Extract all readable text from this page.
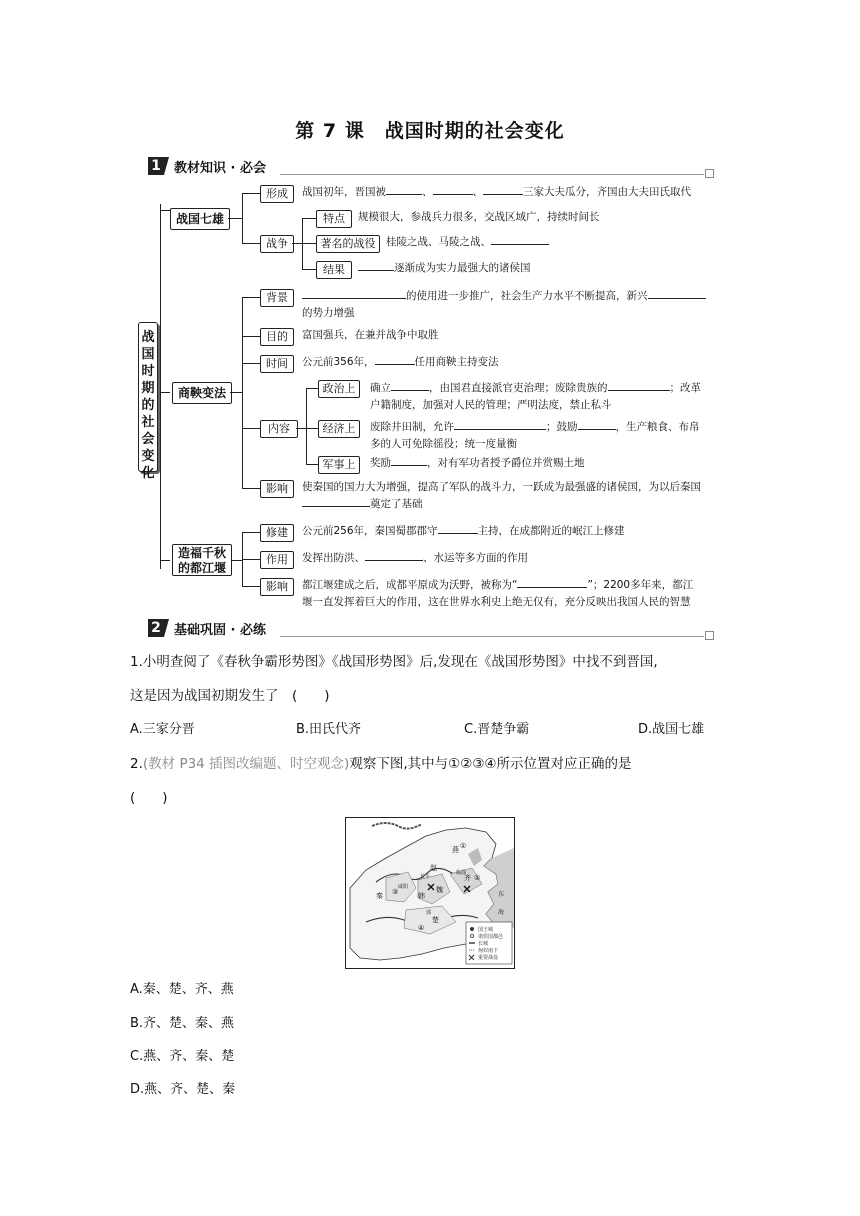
第 7 课　战国时期的社会变化
1 教材知识 · 必会
战国时期的社会变化
战国七雄
形成	战国初年，晋国被	、	、	三家大夫瓜分，齐国由大夫田氏取代
战争
特点	规模很大，参战兵力很多，交战区域广，持续时间长
著名的战役	桂陵之战、马陵之战、
结果	逐渐成为实力最强大的诸侯国
商鞅变法
背景	的使用进一步推广，社会生产力水平不断提高，新兴
的势力增强
目的	富国强兵，在兼并战争中取胜
时间	公元前356年，	任用商鞅主持变法
内容
政治上	确立	，由国君直接派官吏治理；废除贵族的	；改革
户籍制度，加强对人民的管理；严明法度，禁止私斗
经济上	废除井田制，允许	；鼓励	，生产粮食、布帛
多的人可免除徭役；统一度量衡
军事上	奖励	，对有军功者授予爵位并赏赐土地
影响	使秦国的国力大为增强，提高了军队的战斗力，一跃成为最强盛的诸侯国，为以后秦国
奠定了基础
造福千秋
的都江堰
修建	公元前256年，秦国蜀郡郡守	主持，在成都附近的岷江上修建
作用	发挥出防洪、	、水运等多方面的作用
影响	都江堰建成之后，成都平原成为沃野，被称为“	”；2200多年来，都江
堰一直发挥着巨大的作用，这在世界水利史上绝无仅有，充分反映出我国人民的智慧
2 基础巩固 · 必练
1.小明查阅了《春秋争霸形势图》《战国形势图》后,发现在《战国形势图》中找不到晋国,
这是因为战国初期发生了　(　　)
A.三家分晋	B.田氏代齐	C.晋楚争霸	D.战国七雄
2.(教材 P34 插图改编题、时空观念)观察下图,其中与①②③④所示位置对应正确的是
(　　)
国王城
诸侯国都邑
长城
匈奴南下
重要战役
①
②
③
④
秦
楚
齐
燕
赵
魏
韩
长平
临淄
咸阳
郢
东
海
A.秦、楚、齐、燕
B.齐、楚、秦、燕
C.燕、齐、秦、楚
D.燕、齐、楚、秦
